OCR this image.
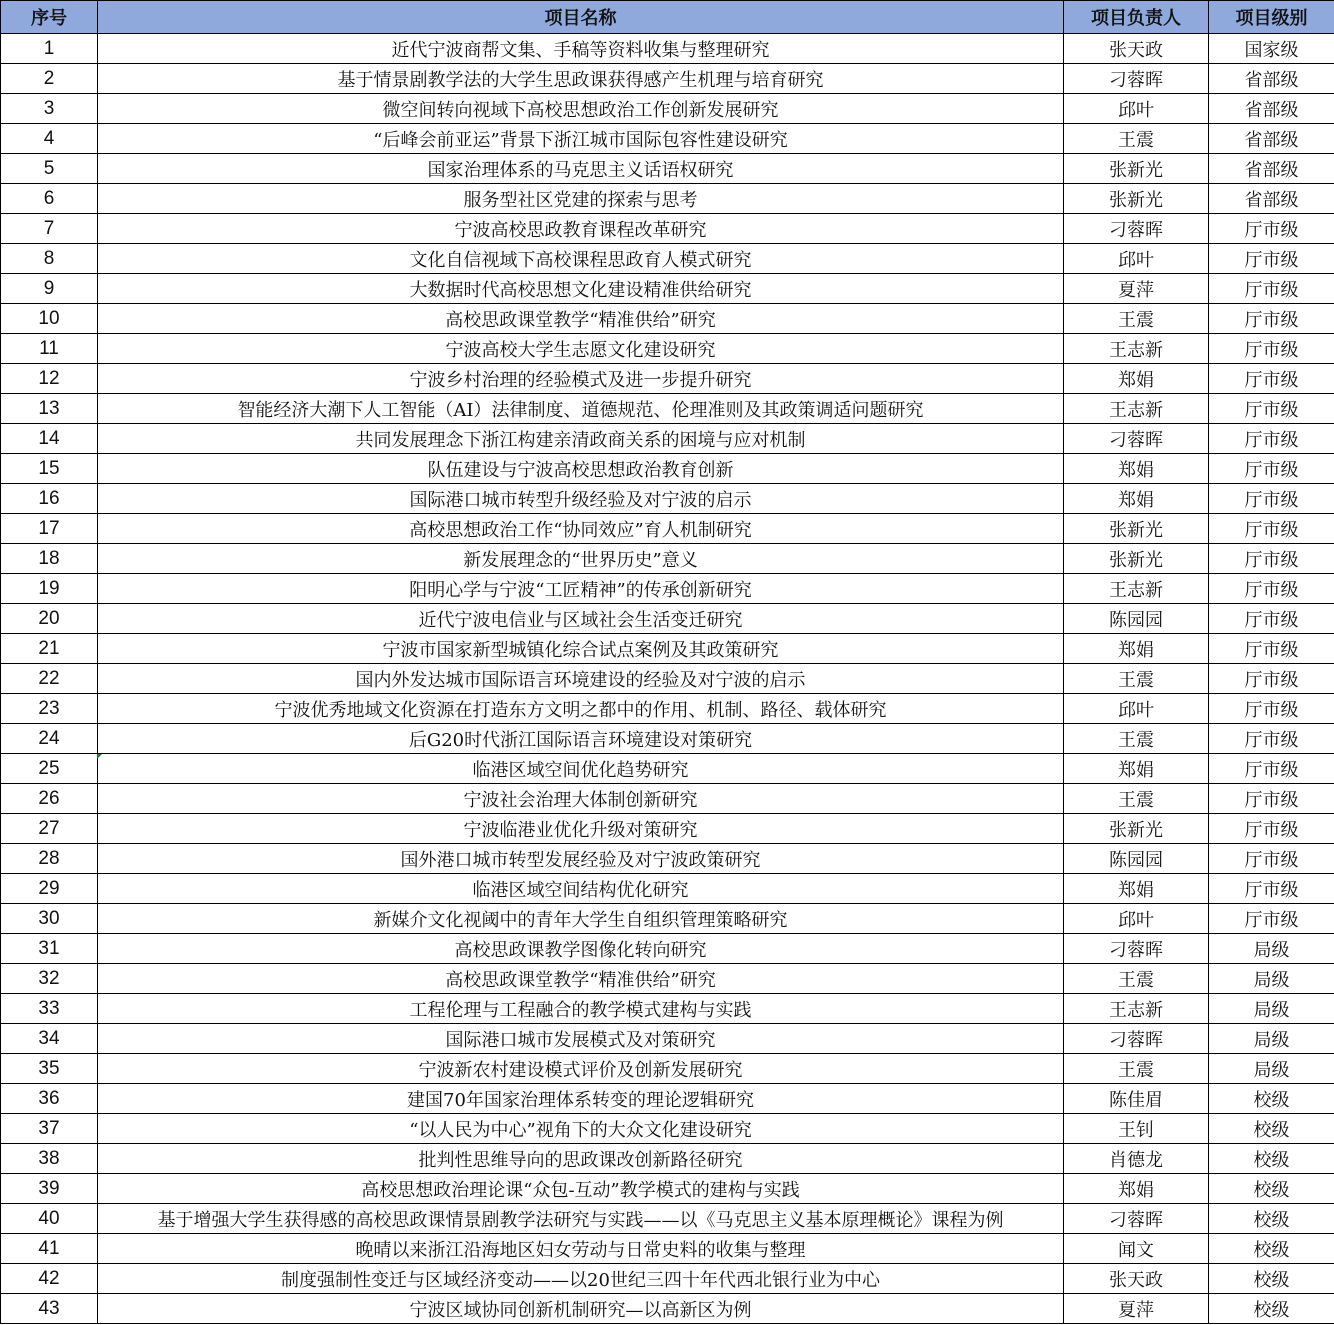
序号	项目名称	项目负责人	项目级别
1	近代宁波商帮文集、手稿等资料收集与整理研究	张天政	国家级
2	基于情景剧教学法的大学生思政课获得感产生机理与培育研究	刁蓉晖	省部级
3	微空间转向视域下高校思想政治工作创新发展研究	邱叶	省部级
4	“后峰会前亚运”背景下浙江城市国际包容性建设研究	王震	省部级
5	国家治理体系的马克思主义话语权研究	张新光	省部级
6	服务型社区党建的探索与思考	张新光	省部级
7	宁波高校思政教育课程改革研究	刁蓉晖	厅市级
8	文化自信视域下高校课程思政育人模式研究	邱叶	厅市级
9	大数据时代高校思想文化建设精准供给研究	夏萍	厅市级
10	高校思政课堂教学“精准供给”研究	王震	厅市级
11	宁波高校大学生志愿文化建设研究	王志新	厅市级
12	宁波乡村治理的经验模式及进一步提升研究	郑娟	厅市级
13	智能经济大潮下人工智能（AI）法律制度、道德规范、伦理准则及其政策调适问题研究	王志新	厅市级
14	共同发展理念下浙江构建亲清政商关系的困境与应对机制	刁蓉晖	厅市级
15	队伍建设与宁波高校思想政治教育创新	郑娟	厅市级
16	国际港口城市转型升级经验及对宁波的启示	郑娟	厅市级
17	高校思想政治工作“协同效应”育人机制研究	张新光	厅市级
18	新发展理念的“世界历史”意义	张新光	厅市级
19	阳明心学与宁波“工匠精神”的传承创新研究	王志新	厅市级
20	近代宁波电信业与区域社会生活变迁研究	陈园园	厅市级
21	宁波市国家新型城镇化综合试点案例及其政策研究	郑娟	厅市级
22	国内外发达城市国际语言环境建设的经验及对宁波的启示	王震	厅市级
23	宁波优秀地域文化资源在打造东方文明之都中的作用、机制、路径、载体研究	邱叶	厅市级
24	后G20时代浙江国际语言环境建设对策研究	王震	厅市级
25	临港区域空间优化趋势研究	郑娟	厅市级
26	宁波社会治理大体制创新研究	王震	厅市级
27	宁波临港业优化升级对策研究	张新光	厅市级
28	国外港口城市转型发展经验及对宁波政策研究	陈园园	厅市级
29	临港区域空间结构优化研究	郑娟	厅市级
30	新媒介文化视阈中的青年大学生自组织管理策略研究	邱叶	厅市级
31	高校思政课教学图像化转向研究	刁蓉晖	局级
32	高校思政课堂教学“精准供给”研究	王震	局级
33	工程伦理与工程融合的教学模式建构与实践	王志新	局级
34	国际港口城市发展模式及对策研究	刁蓉晖	局级
35	宁波新农村建设模式评价及创新发展研究	王震	局级
36	建国70年国家治理体系转变的理论逻辑研究	陈佳眉	校级
37	“以人民为中心”视角下的大众文化建设研究	王钊	校级
38	批判性思维导向的思政课改创新路径研究	肖德龙	校级
39	高校思想政治理论课“众包-互动”教学模式的建构与实践	郑娟	校级
40	基于增强大学生获得感的高校思政课情景剧教学法研究与实践——以《马克思主义基本原理概论》课程为例	刁蓉晖	校级
41	晚晴以来浙江沿海地区妇女劳动与日常史料的收集与整理	闻文	校级
42	制度强制性变迁与区域经济变动——以20世纪三四十年代西北银行业为中心	张天政	校级
43	宁波区域协同创新机制研究—以高新区为例	夏萍	校级
